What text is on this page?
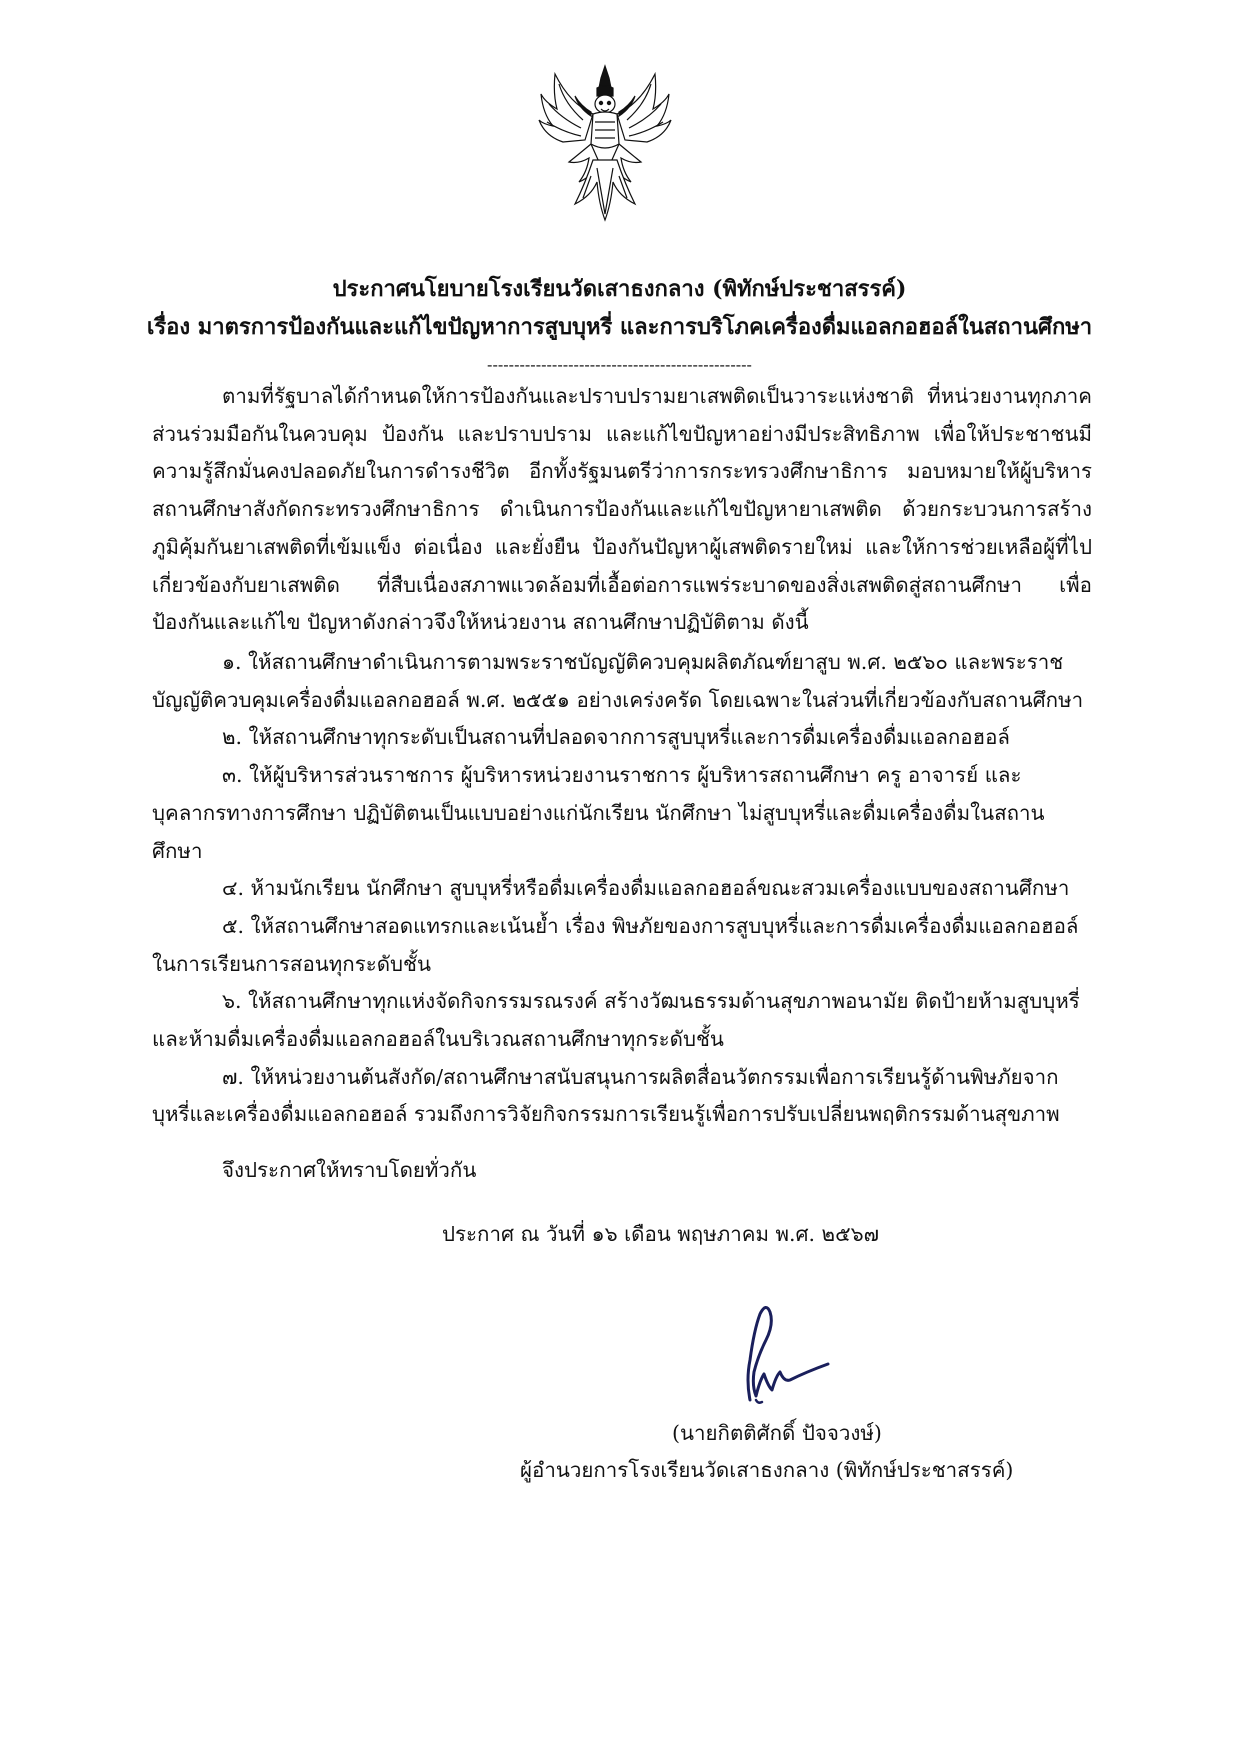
ประกาศนโยบายโรงเรียนวัดเสาธงกลาง (พิทักษ์ประชาสรรค์)
เรื่อง มาตรการป้องกันและแก้ไขปัญหาการสูบบุหรี่ และการบริโภคเครื่องดื่มแอลกอฮอล์ในสถานศึกษา
-------------------------------------------------

ตามที่รัฐบาลได้กำหนดให้การป้องกันและปราบปรามยาเสพติดเป็นวาระแห่งชาติ ที่หน่วยงานทุกภาคส่วนร่วมมือกันในควบคุม ป้องกัน และปราบปราม และแก้ไขปัญหาอย่างมีประสิทธิภาพ เพื่อให้ประชาชนมีความรู้สึกมั่นคงปลอดภัยในการดำรงชีวิต อีกทั้งรัฐมนตรีว่าการกระทรวงศึกษาธิการ มอบหมายให้ผู้บริหารสถานศึกษาสังกัดกระทรวงศึกษาธิการ ดำเนินการป้องกันและแก้ไขปัญหายาเสพติด ด้วยกระบวนการสร้างภูมิคุ้มกันยาเสพติดที่เข้มแข็ง ต่อเนื่อง และยั่งยืน ป้องกันปัญหาผู้เสพติดรายใหม่ และให้การช่วยเหลือผู้ที่ไปเกี่ยวข้องกับยาเสพติด ที่สืบเนื่องสภาพแวดล้อมที่เอื้อต่อการแพร่ระบาดของสิ่งเสพติดสู่สถานศึกษา เพื่อป้องกันและแก้ไข ปัญหาดังกล่าวจึงให้หน่วยงาน สถานศึกษาปฏิบัติตาม ดังนี้

๑. ให้สถานศึกษาดำเนินการตามพระราชบัญญัติควบคุมผลิตภัณฑ์ยาสูบ พ.ศ. ๒๕๖๐ และพระราชบัญญัติควบคุมเครื่องดื่มแอลกอฮอล์ พ.ศ. ๒๕๕๑ อย่างเคร่งครัด โดยเฉพาะในส่วนที่เกี่ยวข้องกับสถานศึกษา

๒. ให้สถานศึกษาทุกระดับเป็นสถานที่ปลอดจากการสูบบุหรี่และการดื่มเครื่องดื่มแอลกอฮอล์

๓. ให้ผู้บริหารส่วนราชการ ผู้บริหารหน่วยงานราชการ ผู้บริหารสถานศึกษา ครู อาจารย์ และบุคลากรทางการศึกษา ปฏิบัติตนเป็นแบบอย่างแก่นักเรียน นักศึกษา ไม่สูบบุหรี่และดื่มเครื่องดื่มในสถานศึกษา

๔. ห้ามนักเรียน นักศึกษา สูบบุหรี่หรือดื่มเครื่องดื่มแอลกอฮอล์ขณะสวมเครื่องแบบของสถานศึกษา

๕. ให้สถานศึกษาสอดแทรกและเน้นย้ำ เรื่อง พิษภัยของการสูบบุหรี่และการดื่มเครื่องดื่มแอลกอฮอล์ในการเรียนการสอนทุกระดับชั้น

๖. ให้สถานศึกษาทุกแห่งจัดกิจกรรมรณรงค์ สร้างวัฒนธรรมด้านสุขภาพอนามัย ติดป้ายห้ามสูบบุหรี่และห้ามดื่มเครื่องดื่มแอลกอฮอล์ในบริเวณสถานศึกษาทุกระดับชั้น

๗. ให้หน่วยงานต้นสังกัด/สถานศึกษาสนับสนุนการผลิตสื่อนวัตกรรมเพื่อการเรียนรู้ด้านพิษภัยจากบุหรี่และเครื่องดื่มแอลกอฮอล์ รวมถึงการวิจัยกิจกรรมการเรียนรู้เพื่อการปรับเปลี่ยนพฤติกรรมด้านสุขภาพ

จึงประกาศให้ทราบโดยทั่วกัน
ประกาศ ณ วันที่ ๑๖ เดือน พฤษภาคม พ.ศ. ๒๕๖๗
(นายกิตติศักดิ์ ปัจจวงษ์)
ผู้อำนวยการโรงเรียนวัดเสาธงกลาง (พิทักษ์ประชาสรรค์)
